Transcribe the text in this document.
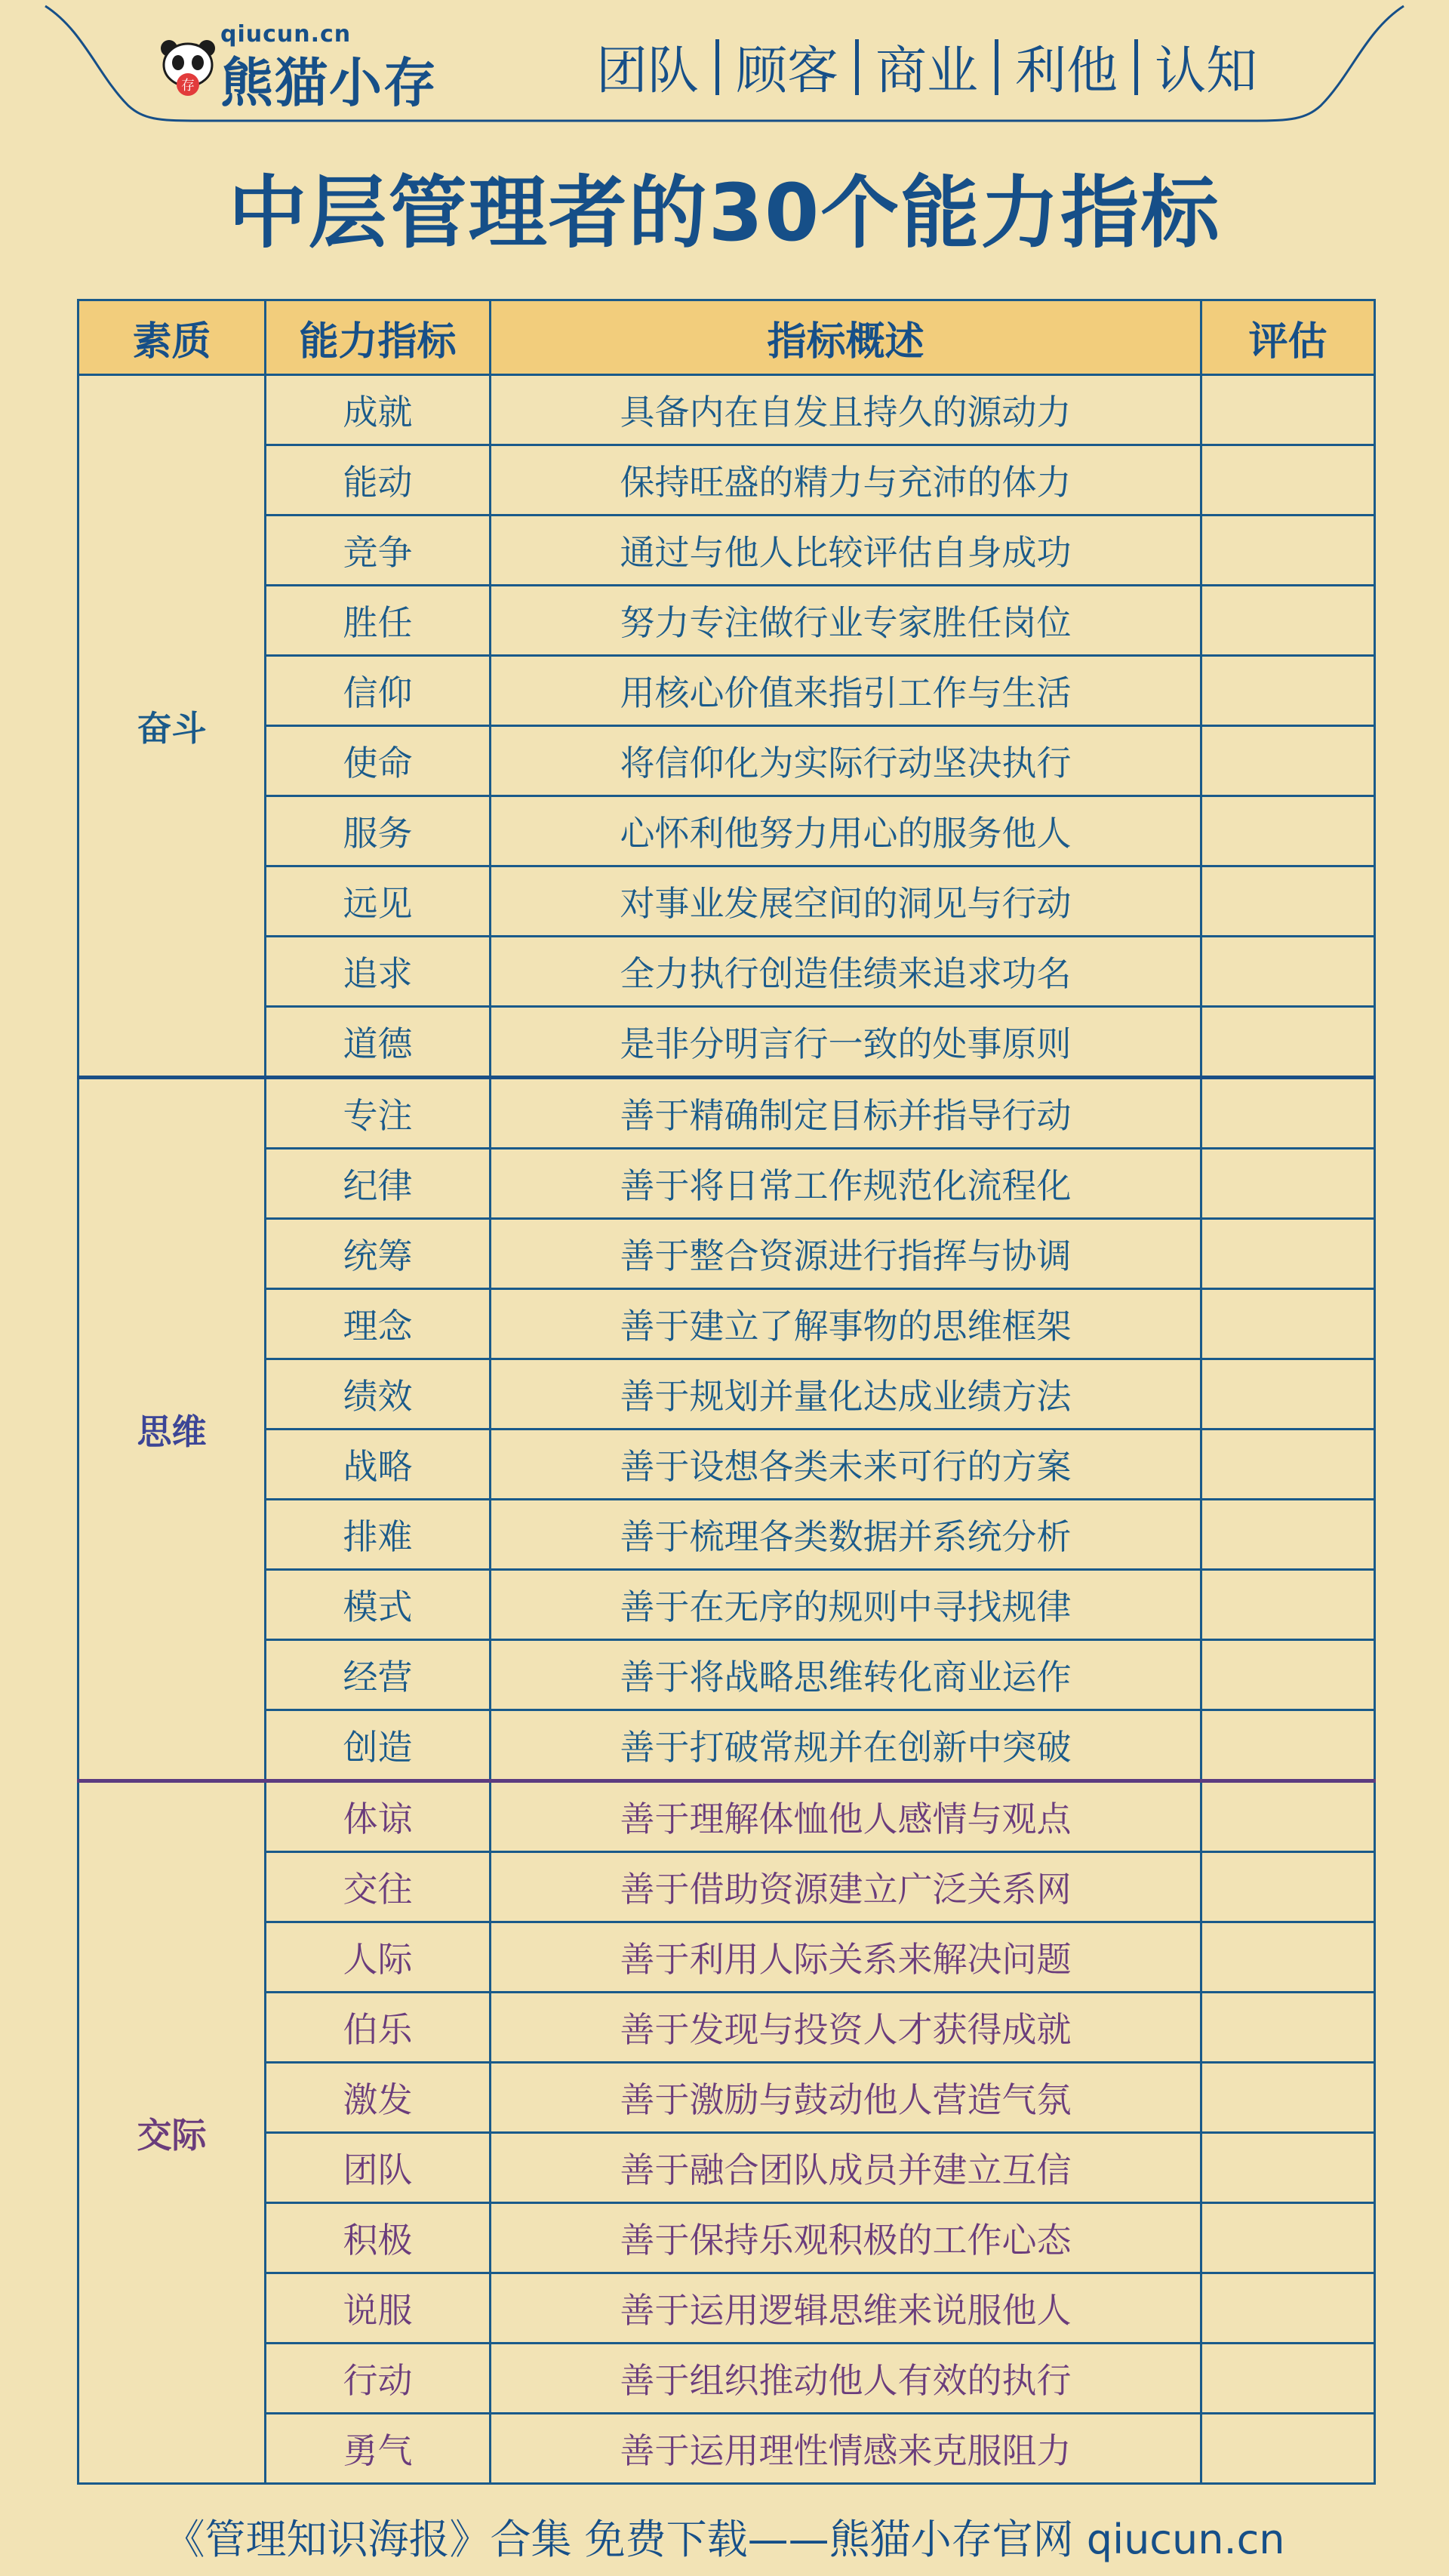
存
qiucun.cn
熊猫小存	团队 顾客 商业 利他 认知
中层管理者的30个能力指标
素质	能力指标	指标概述	评估
奋斗	成就	具备内在自发且持久的源动力	
	能动	保持旺盛的精力与充沛的体力	
	竞争	通过与他人比较评估自身成功	
	胜任	努力专注做行业专家胜任岗位	
	信仰	用核心价值来指引工作与生活	
	使命	将信仰化为实际行动坚决执行	
	服务	心怀利他努力用心的服务他人	
	远见	对事业发展空间的洞见与行动	
	追求	全力执行创造佳绩来追求功名	
	道德	是非分明言行一致的处事原则	
思维	专注	善于精确制定目标并指导行动	
	纪律	善于将日常工作规范化流程化	
	统筹	善于整合资源进行指挥与协调	
	理念	善于建立了解事物的思维框架	
	绩效	善于规划并量化达成业绩方法	
	战略	善于设想各类未来可行的方案	
	排难	善于梳理各类数据并系统分析	
	模式	善于在无序的规则中寻找规律	
	经营	善于将战略思维转化商业运作	
	创造	善于打破常规并在创新中突破	
交际	体谅	善于理解体恤他人感情与观点	
	交往	善于借助资源建立广泛关系网	
	人际	善于利用人际关系来解决问题	
	伯乐	善于发现与投资人才获得成就	
	激发	善于激励与鼓动他人营造气氛	
	团队	善于融合团队成员并建立互信	
	积极	善于保持乐观积极的工作心态	
	说服	善于运用逻辑思维来说服他人	
	行动	善于组织推动他人有效的执行	
	勇气	善于运用理性情感来克服阻力	
《管理知识海报》合集 免费下载——熊猫小存官网 qiucun.cn
